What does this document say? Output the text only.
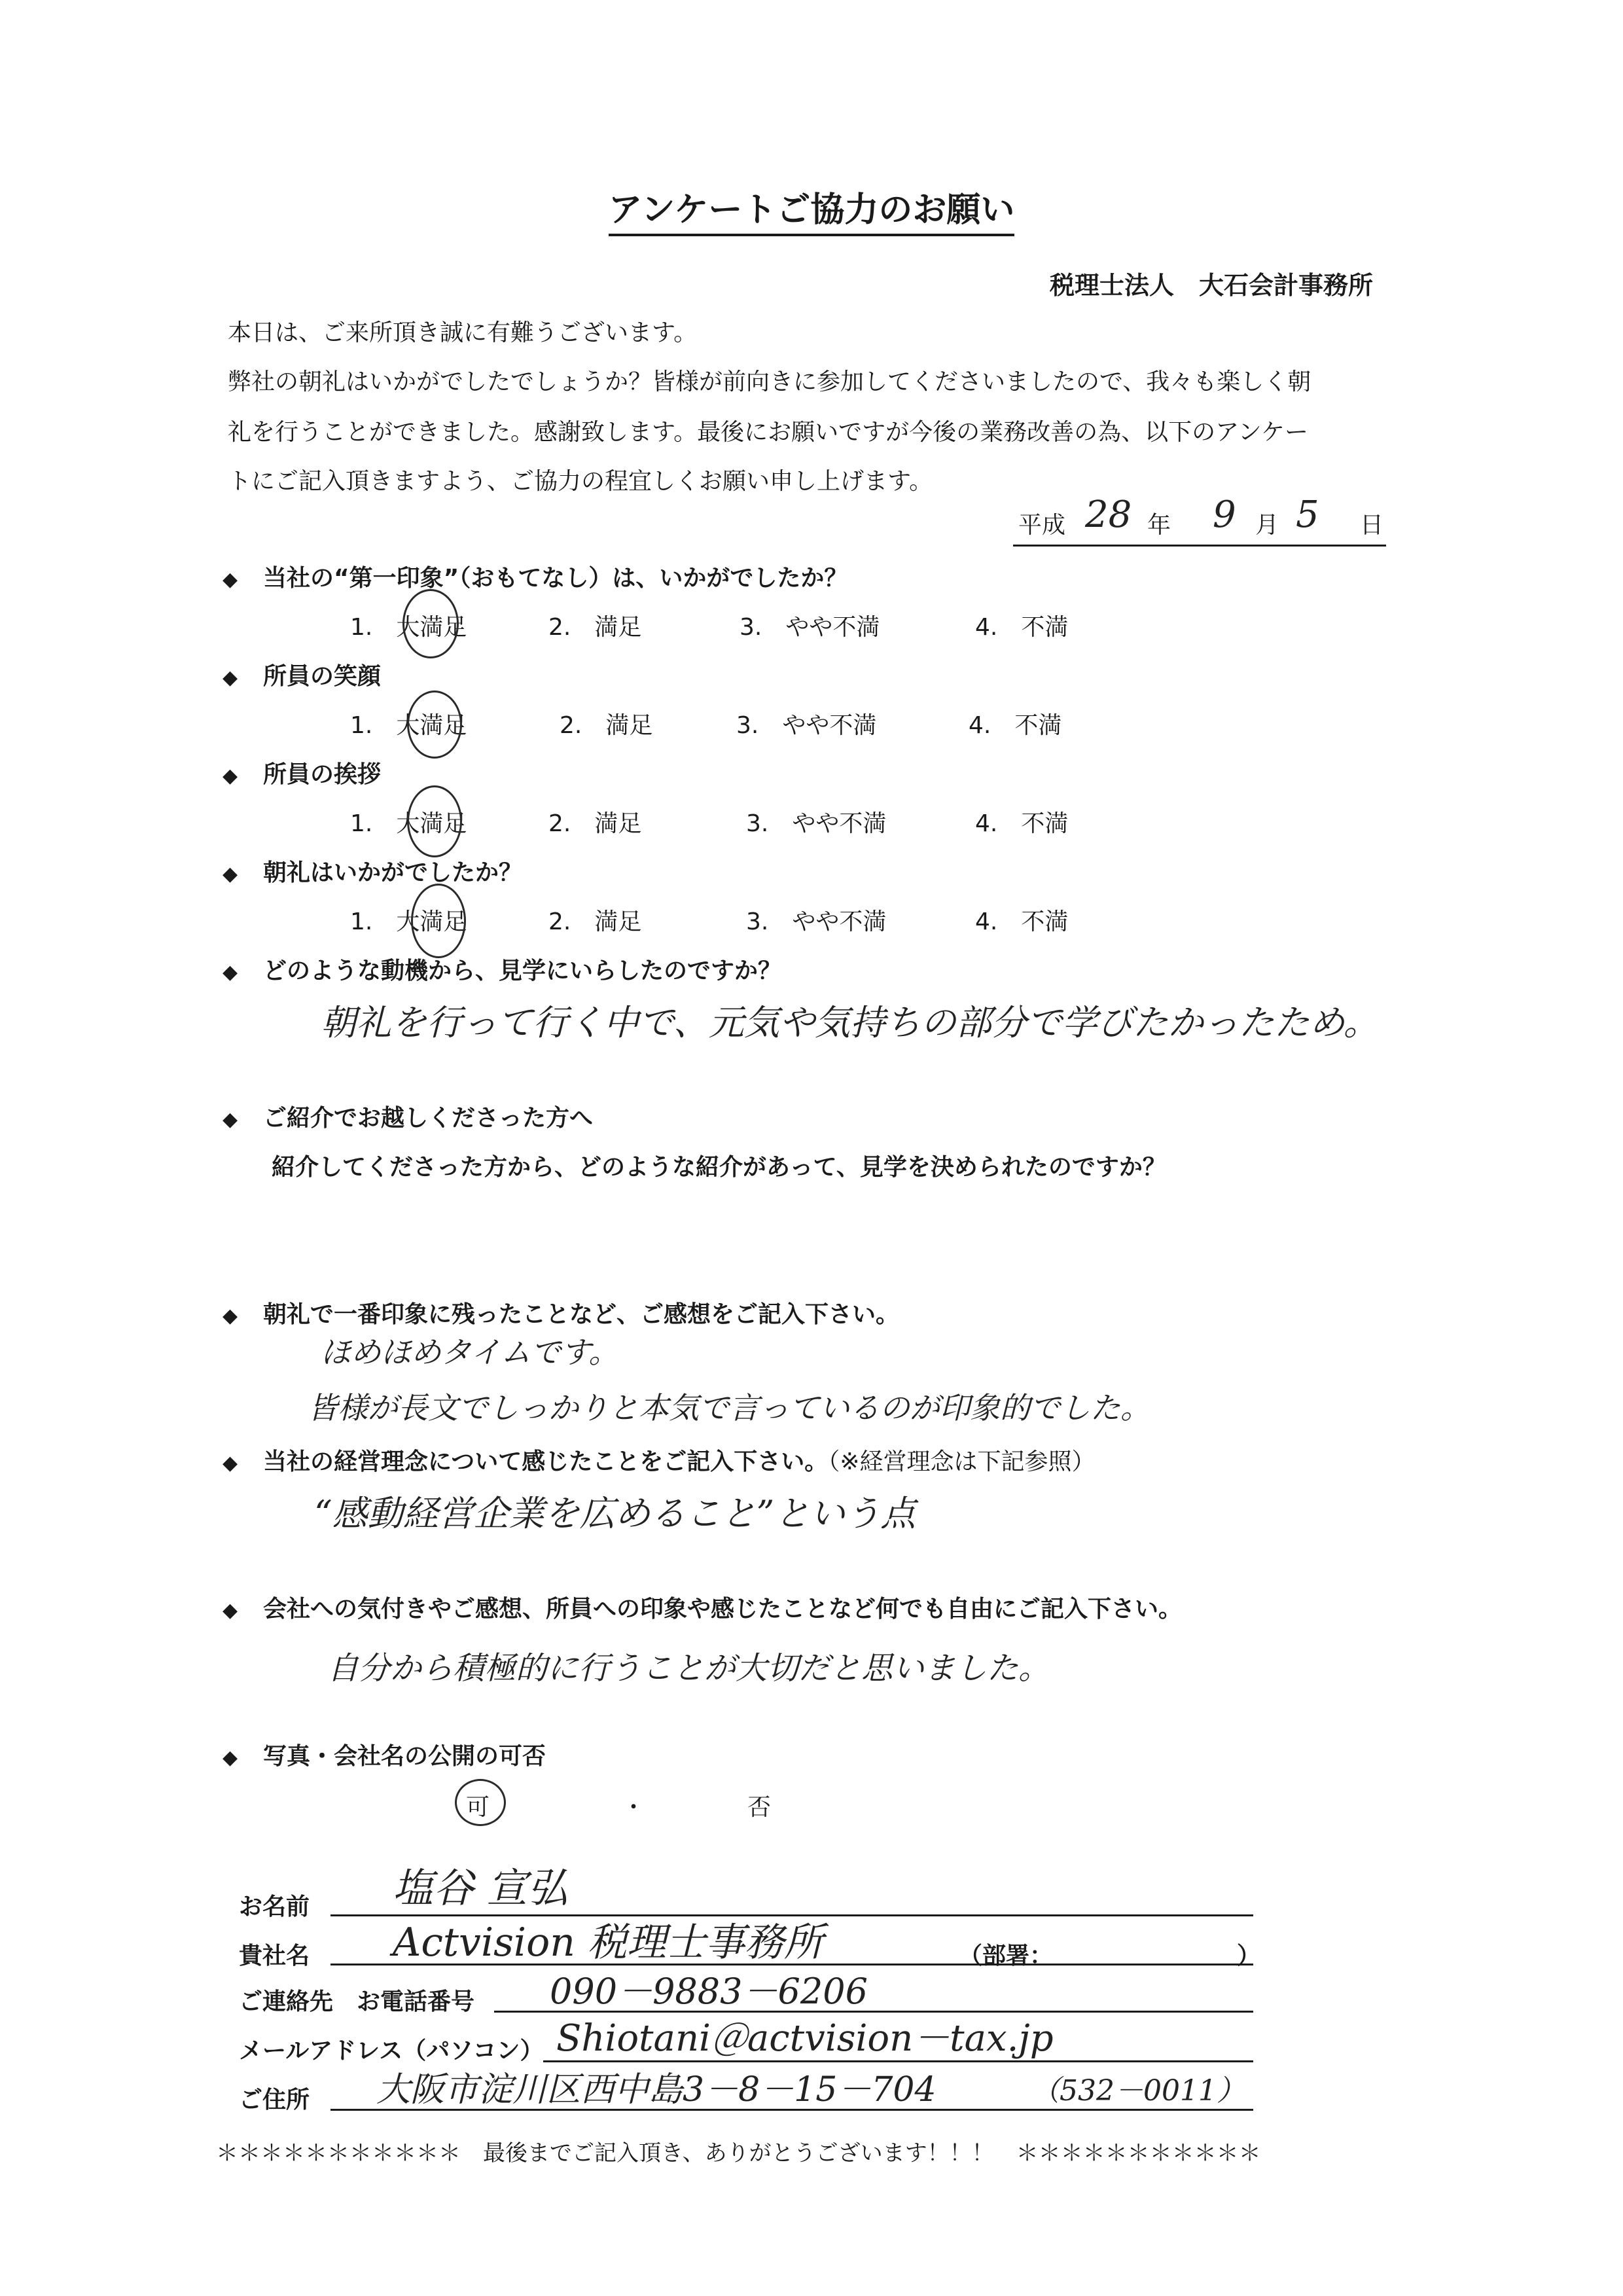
アンケートご協力のお願い
税理士法人　大石会計事務所
本日は、ご来所頂き誠に有難うございます。
弊社の朝礼はいかがでしたでしょうか？皆様が前向きに参加してくださいましたので、我々も楽しく朝
礼を行うことができました。感謝致します。最後にお願いですが今後の業務改善の為、以下のアンケー
トにご記入頂きますよう、ご協力の程宜しくお願い申し上げます。
平成 28 年 9 月 5 日
◆ 当社の“第一印象”（おもてなし）は、いかがでしたか？
1.　大満足	2.　満足	3.　やや不満	4.　不満
◆ 所員の笑顔
1.　大満足	2.　満足	3.　やや不満	4.　不満
◆ 所員の挨拶
1.　大満足	2.　満足	3.　やや不満	4.　不満
◆ 朝礼はいかがでしたか？
1.　大満足	2.　満足	3.　やや不満	4.　不満
◆ どのような動機から、見学にいらしたのですか？
朝礼を行って行く中で、元気や気持ちの部分で学びたかったため。
◆ ご紹介でお越しくださった方へ
紹介してくださった方から、どのような紹介があって、見学を決められたのですか？
◆ 朝礼で一番印象に残ったことなど、ご感想をご記入下さい。
ほめほめタイムです。
皆様が長文でしっかりと本気で言っているのが印象的でした。
◆ 当社の経営理念について感じたことをご記入下さい。（※経営理念は下記参照）
“感動経営企業を広めること”という点
◆ 会社への気付きやご感想、所員への印象や感じたことなど何でも自由にご記入下さい。
自分から積極的に行うことが大切だと思いました。
◆ 写真・会社名の公開の可否
可	・	否
お名前 塩谷 宣弘
貴社名 Actvision 税理士事務所	（部署：	）
ご連絡先　お電話番号 090－9883－6206
メールアドレス（パソコン） Shiotani＠actvision－tax.jp
ご住所 大阪市淀川区西中島3－8－15－704	（532－0011）
＊＊＊＊＊＊＊＊＊＊＊　最後までご記入頂き、ありがとうございます！！！　＊＊＊＊＊＊＊＊＊＊＊
